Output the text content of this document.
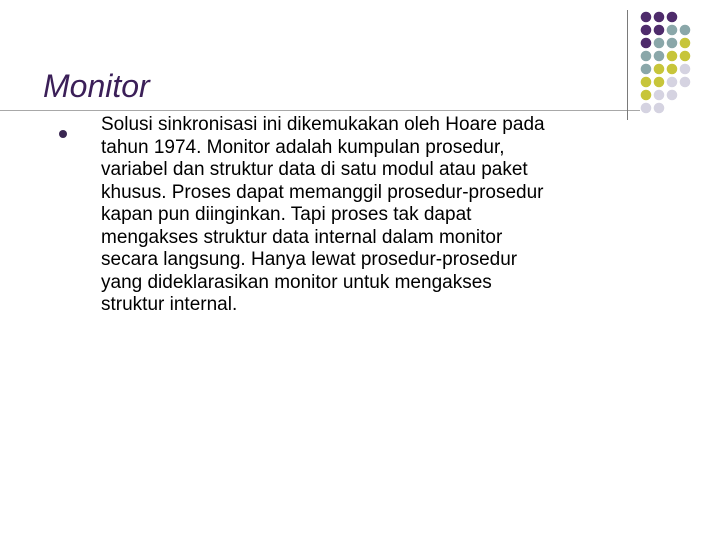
Monitor
Solusi sinkronisasi ini dikemukakan oleh Hoare pada
tahun 1974. Monitor adalah kumpulan prosedur,
variabel dan struktur data di satu modul atau paket
khusus. Proses dapat memanggil prosedur-prosedur
kapan pun diinginkan. Tapi proses tak dapat
mengakses struktur data internal dalam monitor
secara langsung. Hanya lewat prosedur-prosedur
yang dideklarasikan monitor untuk mengakses
struktur internal.
